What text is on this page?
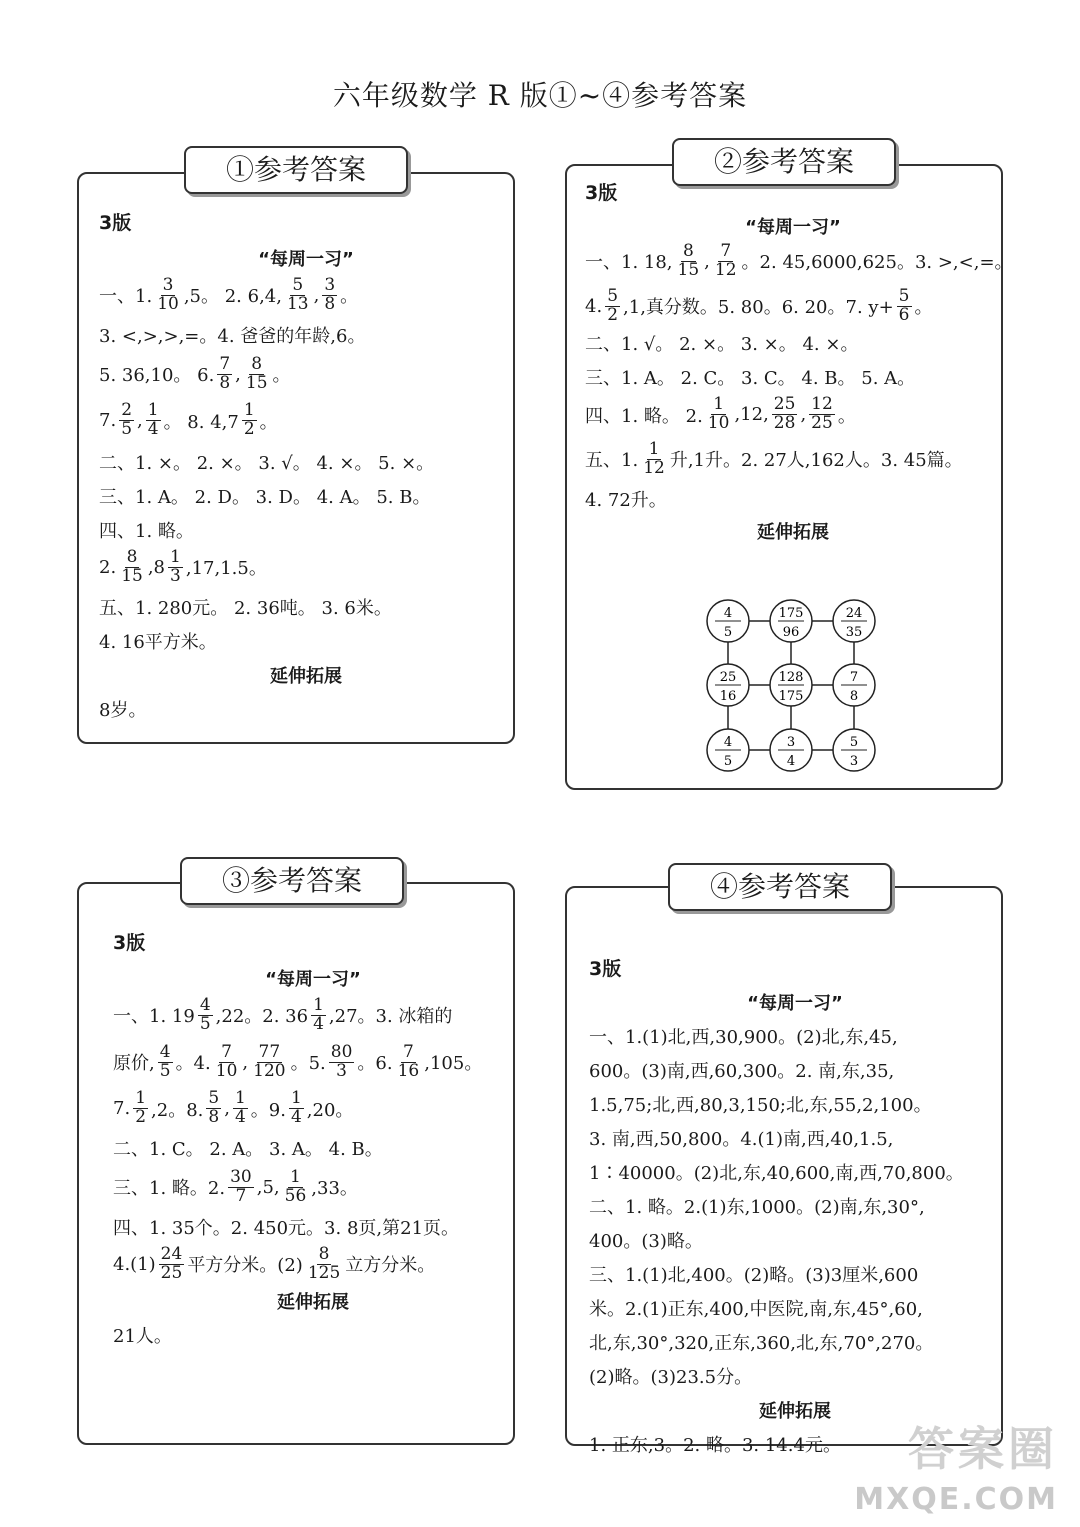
六年级数学 R 版①~④参考答案
3版
“每周一习”
一、1. $\frac{3}{10} ,5$。 2. 6,4, $\frac{5}{13}$ , $\frac{3}{8}$ 。
3. <,>,>,=。4. 爸爸的年龄,6。
5. 36,10。 6. $\frac{7}{8}$ , $\frac{8}{15}$ 。
7. $\frac{2}{5}$ , $\frac{1}{4}$ 。 8. $4,7 \frac{1}{2}$ 。
二、1. ×。 2. ×。 3. √。 4. ×。 5. ×。
三、1. A。 2. D。 3. D。 4. A。 5. B。
四、1. 略。
2. $\frac{8}{15} ,8 \frac{1}{3} ,17,1.5$。
五、1. 280元。 2. 36吨。 3. 6米。
4. 16平方米。
延伸拓展
8岁。
①参考答案
3版
“每周一习”
一、1. 18, $\frac{8}{15}$ , $\frac{7}{12}$ 。2. 45,6000,625。3. >,<,=。
4. $\frac{5}{2} ,1$,真分数。5. 80。6. 20。7. $y+ \frac{5}{6}$ 。
二、1. √。 2. ×。 3. ×。 4. ×。
三、1. A。 2. C。 3. C。 4. B。 5. A。
四、1. 略。 2. $\frac{1}{10} ,12$, $\frac{25}{28}$ , $\frac{12}{25}$ 。
五、1. $\frac{1}{12}$ 升,1升。2. 27人,162人。3. 45篇。
4. 72升。
延伸拓展
4
5
175
96
24
35
25
16
128
175
7
8
4
5
3
4
5
3
②参考答案
3版
“每周一习”
一、1. $19 \frac{4}{5} ,22$。2. $36 \frac{1}{4} ,27$。3. 冰箱的
原价, $\frac{4}{5}$ 。4. $\frac{7}{10}$ , $\frac{77}{120}$ 。5. $\frac{80}{3}$ 。6. $\frac{7}{16} ,105$。
7. $\frac{1}{2} ,2$。8. $\frac{5}{8}$ , $\frac{1}{4}$ 。9. $\frac{1}{4} ,20$。
二、1. C。 2. A。 3. A。 4. B。
三、1. 略。2. $\frac{30}{7} ,5$, $\frac{1}{56} ,33$。
四、1. 35个。2. 450元。3. 8页,第21页。
$4.(1) \frac{24}{25}$ 平方分米。$(2) \frac{8}{125}$ 立方分米。
延伸拓展
21人。
③参考答案
3版
“每周一习”
一、1.(1)北,西,30,900。(2)北,东,45,
600。(3)南,西,60,300。2. 南,东,35,
1.5,75;北,西,80,3,150;北,东,55,2,100。
3. 南,西,50,800。4.(1)南,西,40,1.5,
1∶40000。(2)北,东,40,600,南,西,70,800。
二、1. 略。2.(1)东,1000。(2)南,东,30°,
400。(3)略。
三、1.(1)北,400。(2)略。(3)3厘米,600
米。2.(1)正东,400,中医院,南,东,45°,60,
北,东,30°,320,正东,360,北,东,70°,270。
(2)略。(3)23.5分。
延伸拓展
1. 正东,3。2. 略。3. 14.4元。
④参考答案
答案圈
MXQE.COM
